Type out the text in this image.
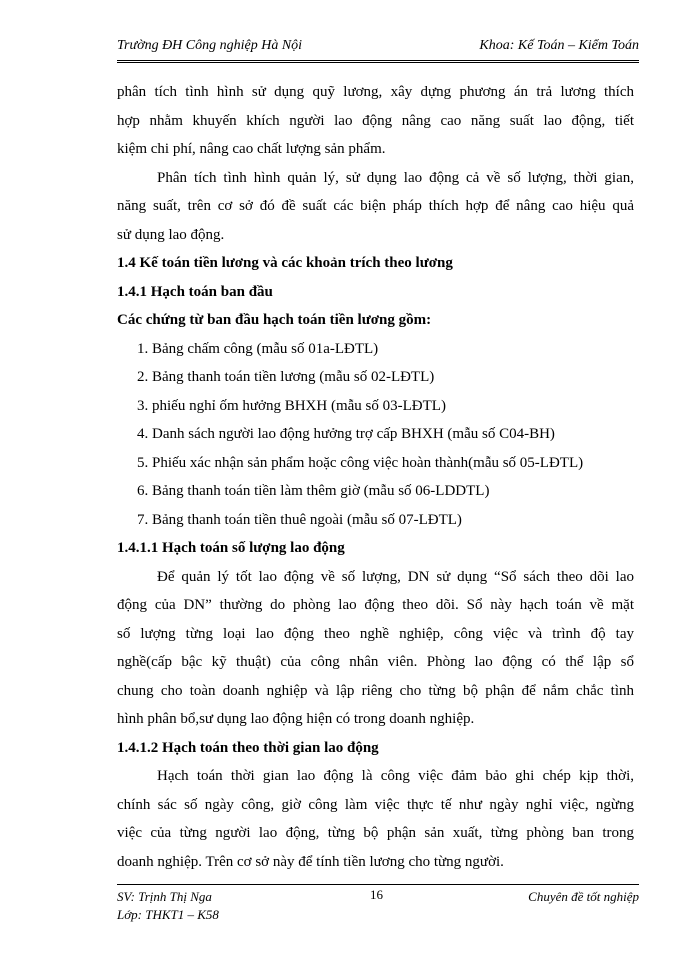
Trường ĐH Công nghiệp Hà Nội	Khoa: Kế Toán – Kiểm Toán
phân tích tình hình sử dụng quỹ lương, xây dựng phương án trả lương thích
hợp nhằm khuyến khích người lao động nâng cao năng suất lao động, tiết
kiệm chi phí, nâng cao chất lượng sản phẩm.
Phân tích tình hình quản lý, sử dụng lao động cả về số lượng, thời gian,
năng suất, trên cơ sở đó đề suất các biện pháp thích hợp để nâng cao hiệu quả
sử dụng lao động.
1.4 Kế toán tiền lương và các khoản trích theo lương
1.4.1 Hạch toán ban đầu
Các chứng từ ban đầu hạch toán tiền lương gồm:
1. Bảng chấm công (mẫu số 01a-LĐTL)
2. Bảng thanh toán tiền lương (mẫu số 02-LĐTL)
3. phiếu nghỉ ốm hưởng BHXH (mẫu số 03-LĐTL)
4. Danh sách người lao động hưởng trợ cấp BHXH (mẫu số C04-BH)
5. Phiếu xác nhận sản phẩm hoặc công việc hoàn thành(mẫu số 05-LĐTL)
6. Bảng thanh toán tiền làm thêm giờ (mẫu số 06-LDDTL)
7. Bảng thanh toán tiền thuê ngoài (mẫu số 07-LĐTL)
1.4.1.1 Hạch toán số lượng lao động
Để quản lý tốt lao động về số lượng, DN sử dụng “Sổ sách theo dõi lao
động của DN” thường do phòng lao động theo dõi. Sổ này hạch toán về mặt
số lượng từng loại lao động theo nghề nghiệp, công việc và trình độ tay
nghề(cấp bậc kỹ thuật) của công nhân viên. Phòng lao động có thể lập sổ
chung cho toàn doanh nghiệp và lập riêng cho từng bộ phận để nắm chắc tình
hình phân bổ,sư dụng lao động hiện có trong doanh nghiệp.
1.4.1.2 Hạch toán theo thời gian lao động
Hạch toán thời gian lao động là công việc đảm bảo ghi chép kịp thời,
chính sác số ngày công, giờ công làm việc thực tế như ngày nghỉ việc, ngừng
việc của từng người lao động, từng bộ phận sản xuất, từng phòng ban trong
doanh nghiệp. Trên cơ sở này để tính tiền lương cho từng người.
SV: Trịnh Thị Nga
Lớp: THKT1 – K58
16	Chuyên đề tốt nghiệp
